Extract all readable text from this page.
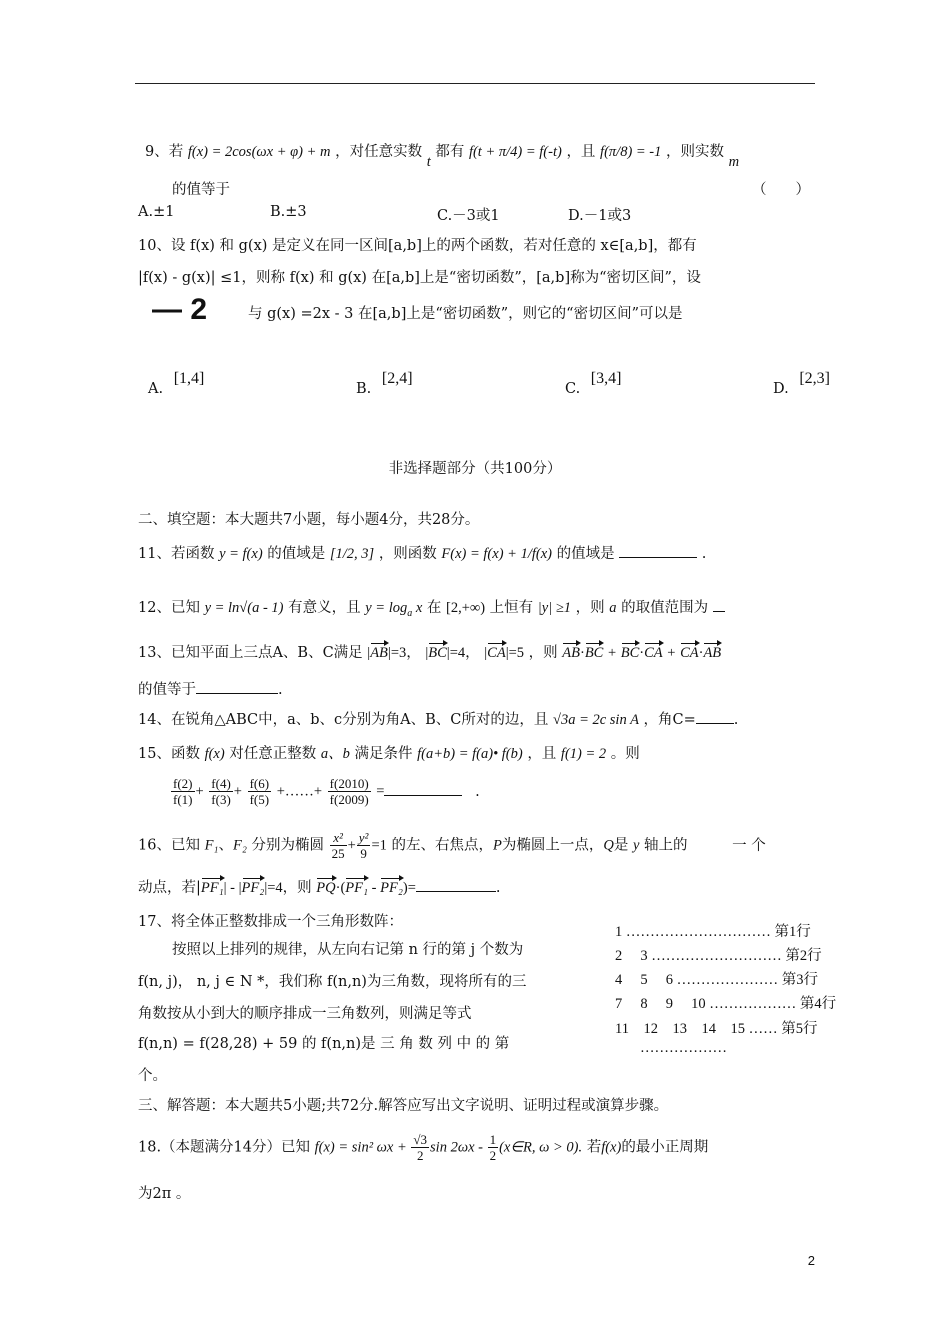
9、若 f(x) = 2cos(ωx + φ) + m ，对任意实数 t 都有 f(t + π/4) = f(-t) ，且 f(π/8) = -1 ，则实数 m
的值等于	（　　）
A.±1	B.±3	C.－3或1	D.－1或3
10、设 f(x) 和 g(x) 是定义在同一区间[a,b]上的两个函数，若对任意的 x∈[a,b]，都有
|f(x) - g(x)| ≤1，则称 f(x) 和 g(x) 在[a,b]上是“密切函数”，[a,b]称为“密切区间”，设
— 2	与 g(x) =2x - 3 在[a,b]上是“密切函数”，则它的“密切区间”可以是
A. [1,4]
B. [2,4]
C. [3,4]
D. [2,3]
非选择题部分（共100分）
二、填空题：本大题共7小题，每小题4分，共28分。
11、若函数 y = f(x) 的值域是 [1/2, 3] ，则函数 F(x) = f(x) + 1/f(x) 的值域是	.
12、已知 y = ln√(a - 1) 有意义，且 $y = \log_a x$ 在 [2,+∞) 上恒有 |y| ≥1 ，则 a 的取值范围为
13、已知平面上三点A、B、C满足 |AB|=3， |BC|=4， |CA|=5 ，则 AB·BC + BC·CA + CA·AB
的值等于	.
14、在锐角△ABC中，a、b、c分别为角A、B、C所对的边，且 √3a = 2c sin A ，角C=	.
15、函数 f(x) 对任意正整数 a、b 满足条件 f(a+b) = f(a)• f(b) ，且 f(1) = 2 。则
$\frac{f(2)}{f(1)} + \frac{f(4)}{f(3)} + \frac{f(6)}{f(5)}$ +……+ $\frac{f(2010)}{f(2009)}$ =	.
16、已知 F₁、F₂ 分别为椭圆 $\frac{\text{x²}}{25} + \frac{\text{y²}}{9} =1$ 的左、右焦点，P为椭圆上一点，Q是 y 轴上的	一 个
动点，若|PF₁| - |PF₂|=4，则 PQ·(PF₁ - PF₂)=	.
17、将全体正整数排成一个三角形数阵：
按照以上排列的规律，从左向右记第 n 行的第 j 个数为
f(n, j)， n, j ∈ N *，我们称 f(n,n)为三角数，现将所有的三
角数按从小到大的顺序排成一三角数列，则满足等式
f(n,n) = f(28,28) + 59 的 f(n,n)是 三 角 数 列 中 的 第
个。
1 ………………………… 第1行
2　 3 ……………………… 第2行
4　 5　 6 ………………… 第3行
7　 8　 9　 10 ……………… 第4行
11　12　13　14　15 …… 第5行
………………
三、解答题：本大题共5小题;共72分.解答应写出文字说明、证明过程或演算步骤。
18.（本题满分14分）已知 f(x) = sin² $\omega x + \frac{√3}{2}$ $\sin 2\omega x - \frac{1}{2}$ (x∈R, ω > 0). 若f(x)的最小正周期
为2π 。
2
